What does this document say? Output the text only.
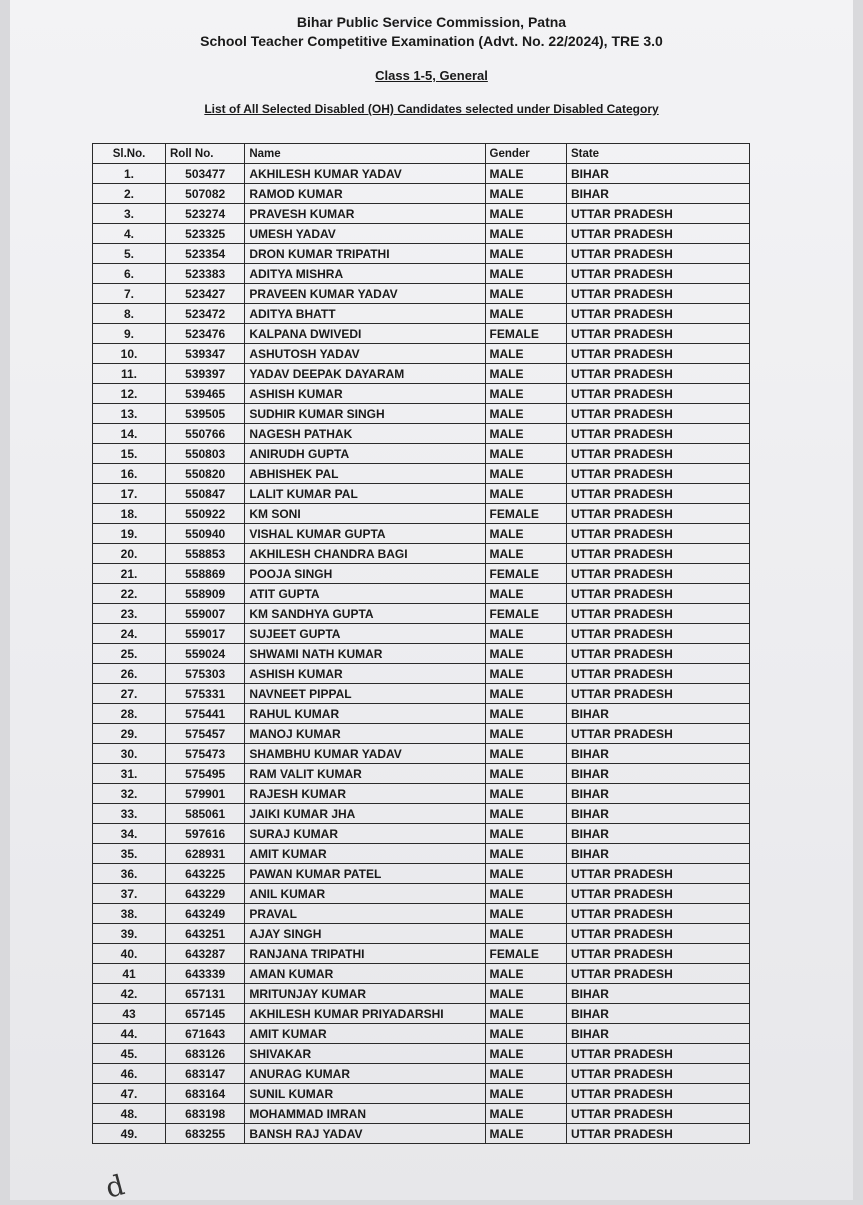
Bihar Public Service Commission, Patna
School Teacher Competitive Examination (Advt. No. 22/2024), TRE 3.0
Class 1-5, General
List of All Selected Disabled (OH) Candidates selected under Disabled Category
Sl.No.	Roll No.	Name	Gender	State
1.	503477	AKHILESH KUMAR YADAV	MALE	BIHAR
2.	507082	RAMOD KUMAR	MALE	BIHAR
3.	523274	PRAVESH KUMAR	MALE	UTTAR PRADESH
4.	523325	UMESH YADAV	MALE	UTTAR PRADESH
5.	523354	DRON KUMAR TRIPATHI	MALE	UTTAR PRADESH
6.	523383	ADITYA MISHRA	MALE	UTTAR PRADESH
7.	523427	PRAVEEN KUMAR YADAV	MALE	UTTAR PRADESH
8.	523472	ADITYA BHATT	MALE	UTTAR PRADESH
9.	523476	KALPANA DWIVEDI	FEMALE	UTTAR PRADESH
10.	539347	ASHUTOSH YADAV	MALE	UTTAR PRADESH
11.	539397	YADAV DEEPAK DAYARAM	MALE	UTTAR PRADESH
12.	539465	ASHISH KUMAR	MALE	UTTAR PRADESH
13.	539505	SUDHIR KUMAR SINGH	MALE	UTTAR PRADESH
14.	550766	NAGESH PATHAK	MALE	UTTAR PRADESH
15.	550803	ANIRUDH GUPTA	MALE	UTTAR PRADESH
16.	550820	ABHISHEK PAL	MALE	UTTAR PRADESH
17.	550847	LALIT KUMAR PAL	MALE	UTTAR PRADESH
18.	550922	KM SONI	FEMALE	UTTAR PRADESH
19.	550940	VISHAL KUMAR GUPTA	MALE	UTTAR PRADESH
20.	558853	AKHILESH CHANDRA BAGI	MALE	UTTAR PRADESH
21.	558869	POOJA SINGH	FEMALE	UTTAR PRADESH
22.	558909	ATIT GUPTA	MALE	UTTAR PRADESH
23.	559007	KM SANDHYA GUPTA	FEMALE	UTTAR PRADESH
24.	559017	SUJEET GUPTA	MALE	UTTAR PRADESH
25.	559024	SHWAMI NATH KUMAR	MALE	UTTAR PRADESH
26.	575303	ASHISH KUMAR	MALE	UTTAR PRADESH
27.	575331	NAVNEET PIPPAL	MALE	UTTAR PRADESH
28.	575441	RAHUL KUMAR	MALE	BIHAR
29.	575457	MANOJ KUMAR	MALE	UTTAR PRADESH
30.	575473	SHAMBHU KUMAR YADAV	MALE	BIHAR
31.	575495	RAM VALIT KUMAR	MALE	BIHAR
32.	579901	RAJESH KUMAR	MALE	BIHAR
33.	585061	JAIKI KUMAR JHA	MALE	BIHAR
34.	597616	SURAJ KUMAR	MALE	BIHAR
35.	628931	AMIT KUMAR	MALE	BIHAR
36.	643225	PAWAN KUMAR PATEL	MALE	UTTAR PRADESH
37.	643229	ANIL KUMAR	MALE	UTTAR PRADESH
38.	643249	PRAVAL	MALE	UTTAR PRADESH
39.	643251	AJAY SINGH	MALE	UTTAR PRADESH
40.	643287	RANJANA TRIPATHI	FEMALE	UTTAR PRADESH
41	643339	AMAN KUMAR	MALE	UTTAR PRADESH
42.	657131	MRITUNJAY KUMAR	MALE	BIHAR
43	657145	AKHILESH KUMAR PRIYADARSHI	MALE	BIHAR
44.	671643	AMIT KUMAR	MALE	BIHAR
45.	683126	SHIVAKAR	MALE	UTTAR PRADESH
46.	683147	ANURAG KUMAR	MALE	UTTAR PRADESH
47.	683164	SUNIL KUMAR	MALE	UTTAR PRADESH
48.	683198	MOHAMMAD IMRAN	MALE	UTTAR PRADESH
49.	683255	BANSH RAJ YADAV	MALE	UTTAR PRADESH
d
